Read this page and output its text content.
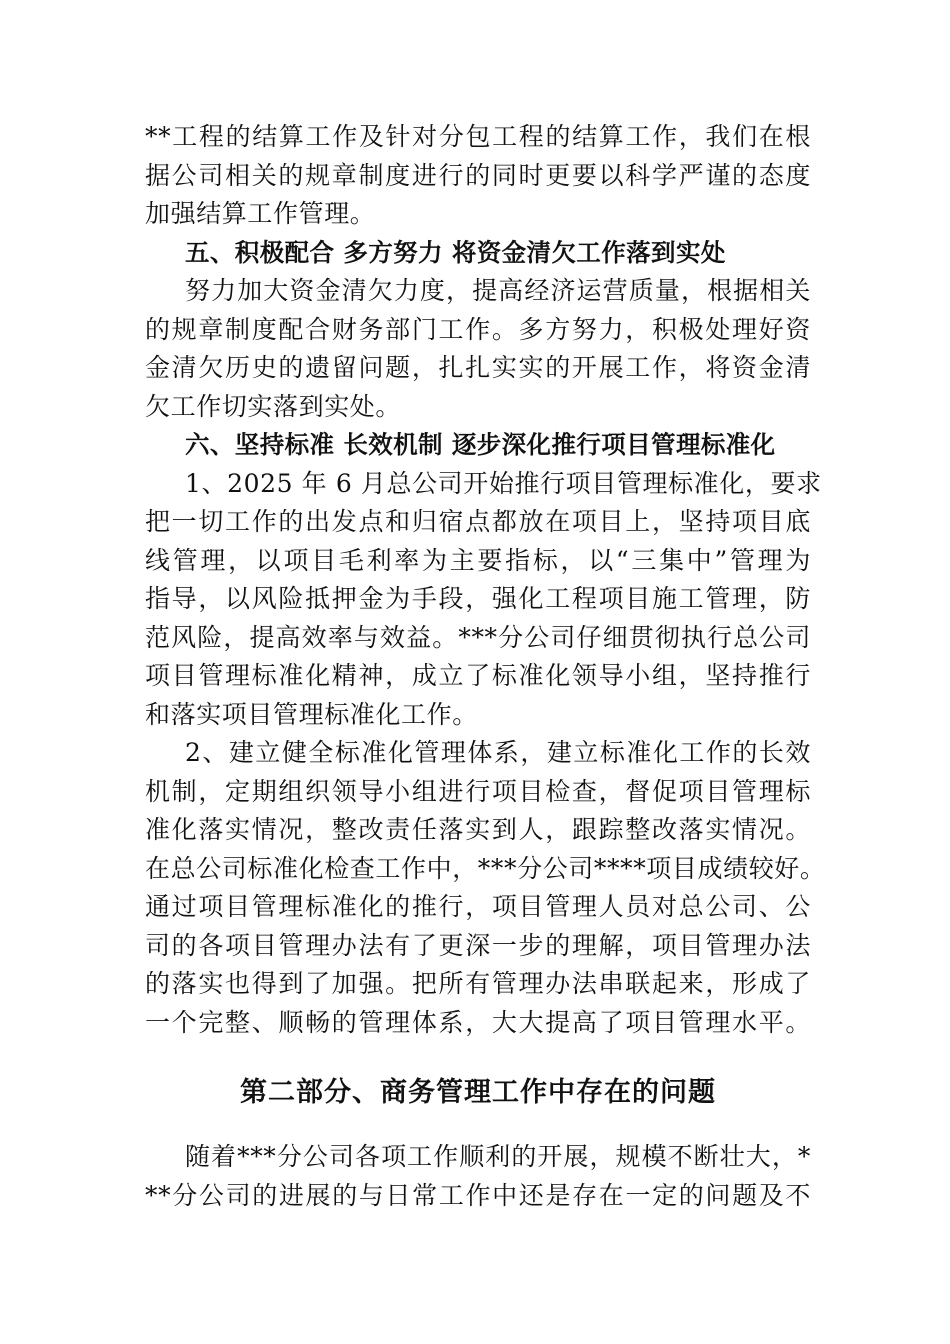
**工程的结算工作及针对分包工程的结算工作，我们在根
据公司相关的规章制度进行的同时更要以科学严谨的态度
加强结算工作管理。
五、积极配合 多方努力 将资金清欠工作落到实处
努力加大资金清欠力度，提高经济运营质量，根据相关
的规章制度配合财务部门工作。多方努力，积极处理好资
金清欠历史的遗留问题，扎扎实实的开展工作，将资金清
欠工作切实落到实处。
六、坚持标准 长效机制 逐步深化推行项目管理标准化
1、2025 年 6 月总公司开始推行项目管理标准化，要求
把一切工作的出发点和归宿点都放在项目上，坚持项目底
线管理，以项目毛利率为主要指标，以“三集中”管理为
指导，以风险抵押金为手段，强化工程项目施工管理，防
范风险，提高效率与效益。***分公司仔细贯彻执行总公司
项目管理标准化精神，成立了标准化领导小组，坚持推行
和落实项目管理标准化工作。
2、建立健全标准化管理体系，建立标准化工作的长效
机制，定期组织领导小组进行项目检查，督促项目管理标
准化落实情况，整改责任落实到人，跟踪整改落实情况。
在总公司标准化检查工作中，***分公司****项目成绩较好。
通过项目管理标准化的推行，项目管理人员对总公司、公
司的各项目管理办法有了更深一步的理解，项目管理办法
的落实也得到了加强。把所有管理办法串联起来，形成了
一个完整、顺畅的管理体系，大大提高了项目管理水平。
第二部分、商务管理工作中存在的问题
随着***分公司各项工作顺利的开展，规模不断壮大，*
**分公司的进展的与日常工作中还是存在一定的问题及不
